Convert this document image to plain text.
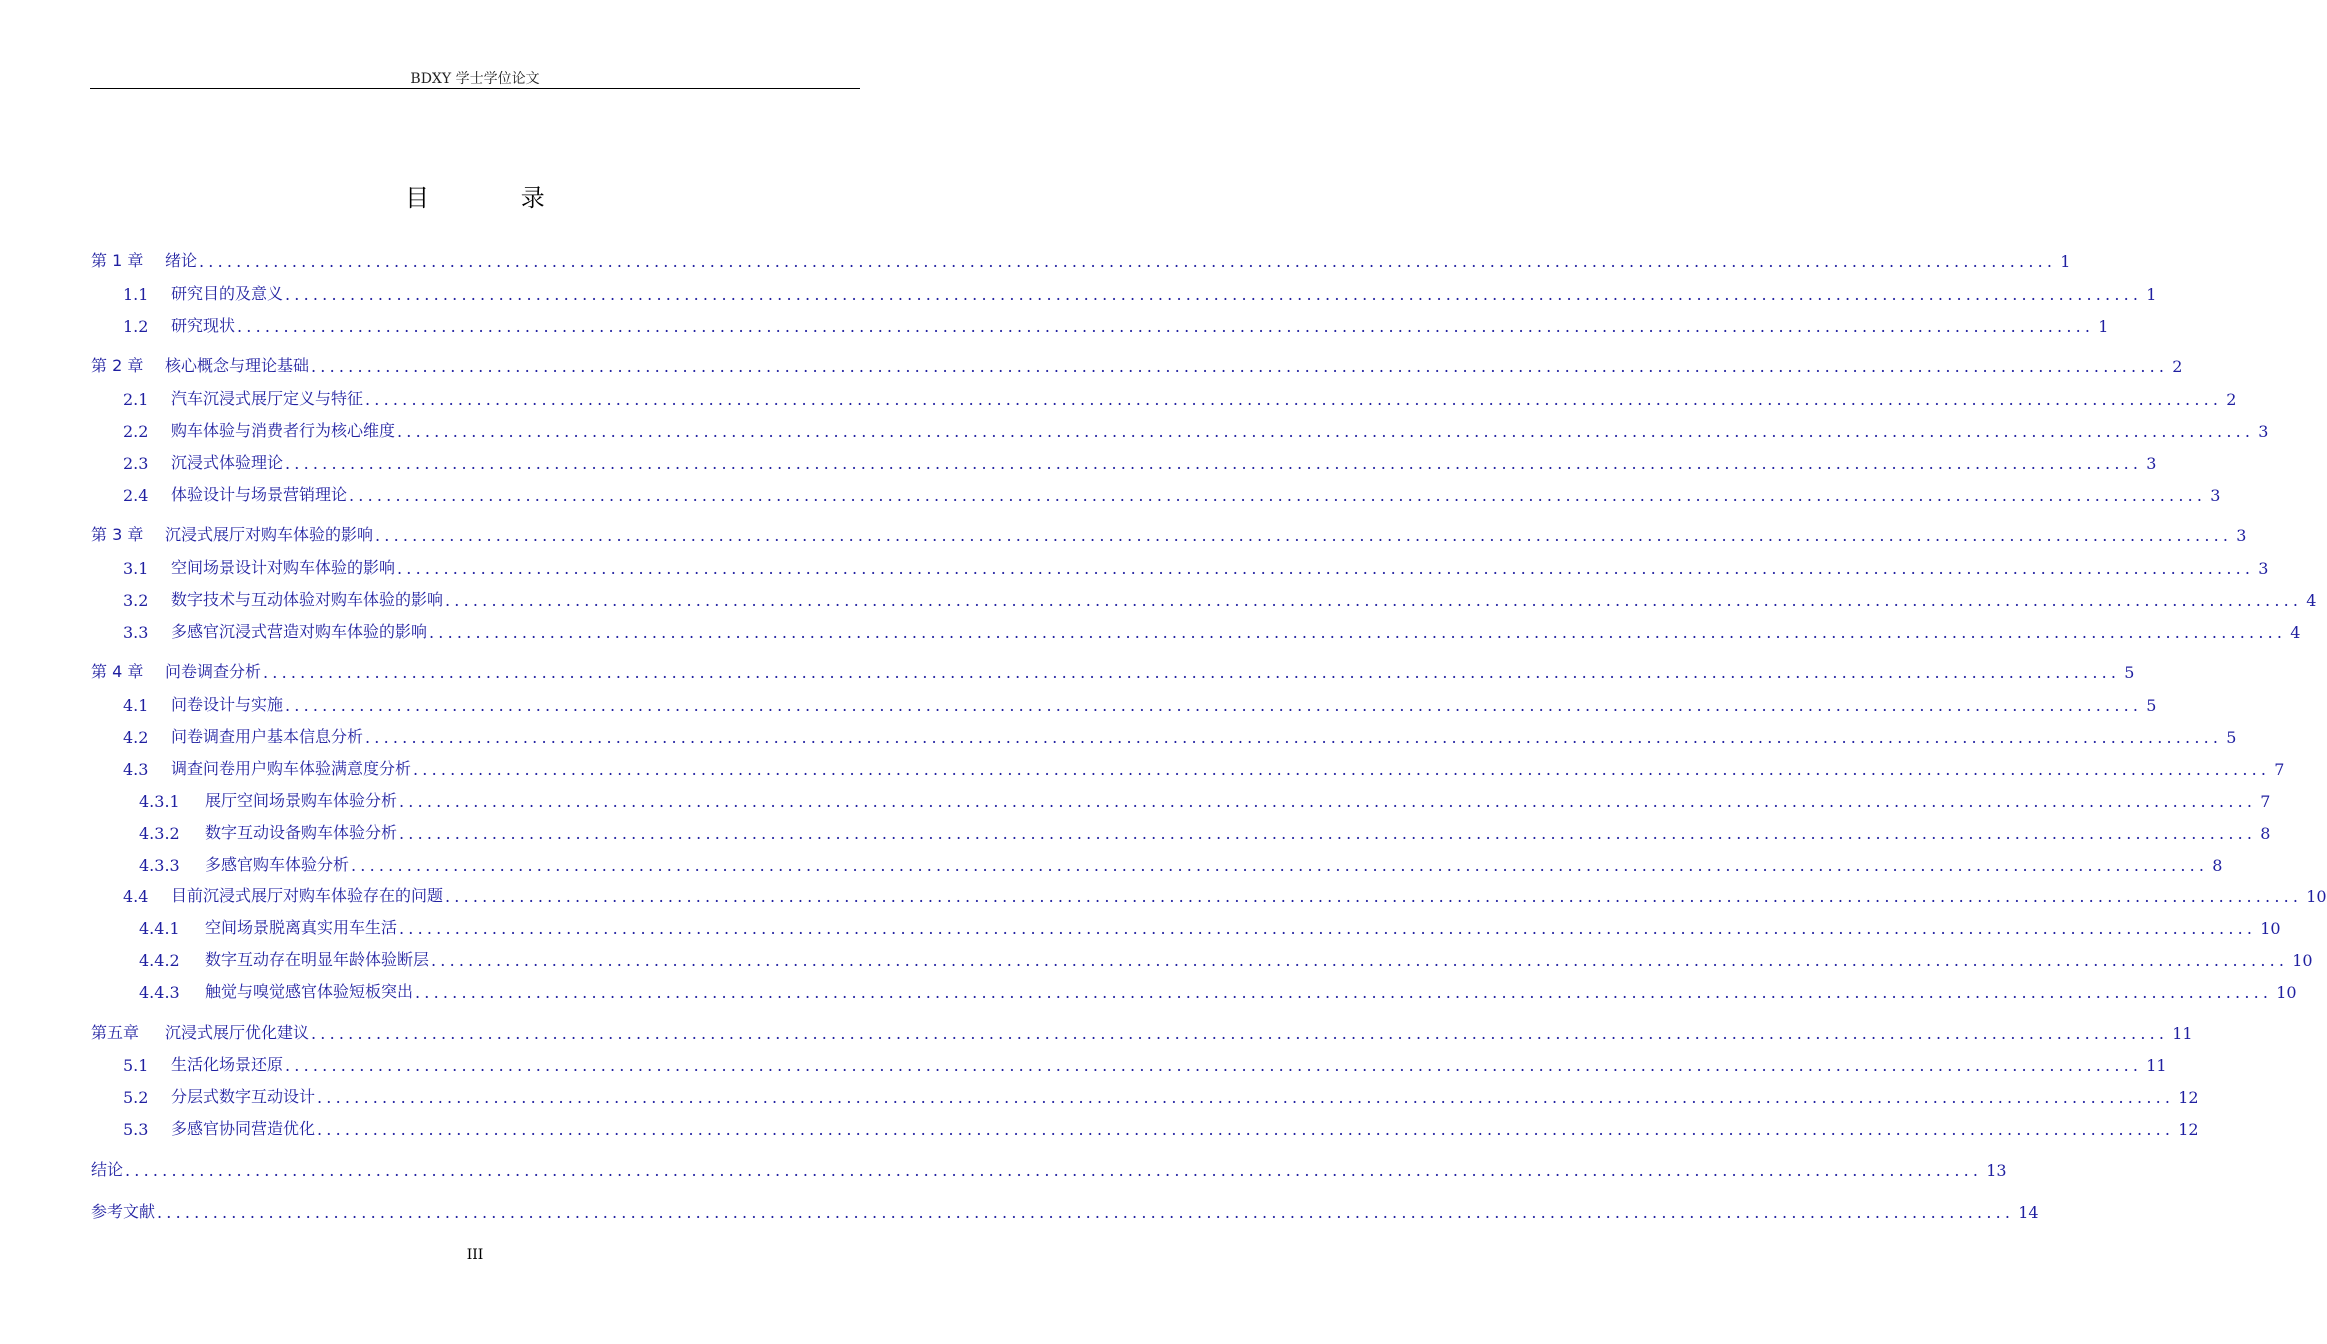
BDXY 学士学位论文
目 录
第 1 章	绪论 ........................................................................................................................................................................................................ 1
1.1	研究目的及意义 ........................................................................................................................................................................................................ 1
1.2	研究现状 ........................................................................................................................................................................................................ 1
第 2 章	核心概念与理论基础 ........................................................................................................................................................................................................ 2
2.1	汽车沉浸式展厅定义与特征 ........................................................................................................................................................................................................ 2
2.2	购车体验与消费者行为核心维度 ........................................................................................................................................................................................................ 3
2.3	沉浸式体验理论 ........................................................................................................................................................................................................ 3
2.4	体验设计与场景营销理论 ........................................................................................................................................................................................................ 3
第 3 章	沉浸式展厅对购车体验的影响 ........................................................................................................................................................................................................ 3
3.1	空间场景设计对购车体验的影响 ........................................................................................................................................................................................................ 3
3.2	数字技术与互动体验对购车体验的影响 ........................................................................................................................................................................................................ 4
3.3	多感官沉浸式营造对购车体验的影响 ........................................................................................................................................................................................................ 4
第 4 章	问卷调查分析 ........................................................................................................................................................................................................ 5
4.1	问卷设计与实施 ........................................................................................................................................................................................................ 5
4.2	问卷调查用户基本信息分析 ........................................................................................................................................................................................................ 5
4.3	调查问卷用户购车体验满意度分析 ........................................................................................................................................................................................................ 7
4.3.1	展厅空间场景购车体验分析 ........................................................................................................................................................................................................ 7
4.3.2	数字互动设备购车体验分析 ........................................................................................................................................................................................................ 8
4.3.3	多感官购车体验分析 ........................................................................................................................................................................................................ 8
4.4	目前沉浸式展厅对购车体验存在的问题 ........................................................................................................................................................................................................ 10
4.4.1	空间场景脱离真实用车生活 ........................................................................................................................................................................................................ 10
4.4.2	数字互动存在明显年龄体验断层 ........................................................................................................................................................................................................ 10
4.4.3	触觉与嗅觉感官体验短板突出 ........................................................................................................................................................................................................ 10
第五章	沉浸式展厅优化建议 ........................................................................................................................................................................................................ 11
5.1	生活化场景还原 ........................................................................................................................................................................................................ 11
5.2	分层式数字互动设计 ........................................................................................................................................................................................................ 12
5.3	多感官协同营造优化 ........................................................................................................................................................................................................ 12
结论 ........................................................................................................................................................................................................ 13
参考文献 ........................................................................................................................................................................................................ 14
III
